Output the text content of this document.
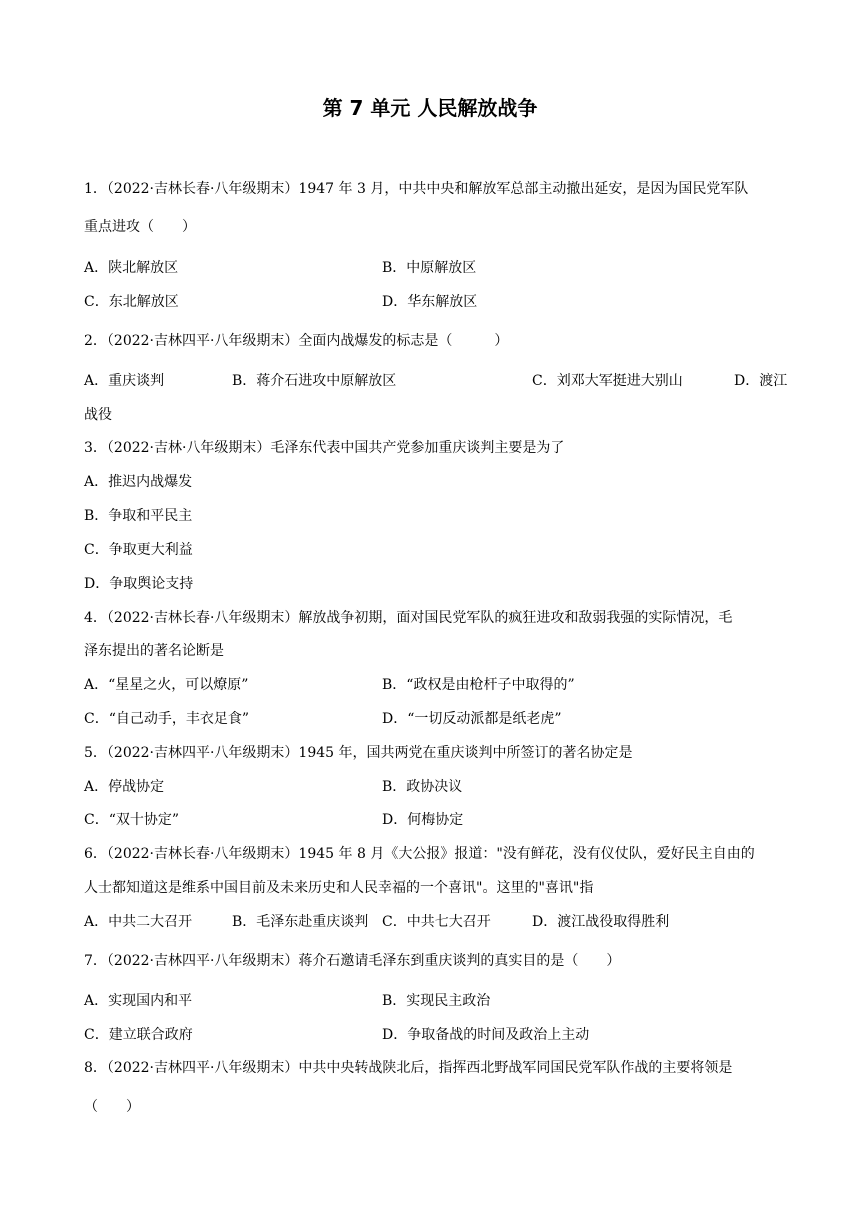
第 7 单元 人民解放战争
1．（2022·吉林长春·八年级期末）1947 年 3 月，中共中央和解放军总部主动撤出延安，是因为国民党军队
重点进攻（　　）
A．陕北解放区	B．中原解放区
C．东北解放区	D．华东解放区
2．（2022·吉林四平·八年级期末）全面内战爆发的标志是（　　　）
A．重庆谈判	B．蒋介石进攻中原解放区	C．刘邓大军挺进大别山	D．渡江
战役
3．（2022·吉林·八年级期末）毛泽东代表中国共产党参加重庆谈判主要是为了
A．推迟内战爆发
B．争取和平民主
C．争取更大利益
D．争取舆论支持
4．（2022·吉林长春·八年级期末）解放战争初期，面对国民党军队的疯狂进攻和敌弱我强的实际情况，毛
泽东提出的著名论断是
A．“星星之火，可以燎原”	B．“政权是由枪杆子中取得的”
C．“自己动手，丰衣足食”	D．“一切反动派都是纸老虎”
5．（2022·吉林四平·八年级期末）1945 年，国共两党在重庆谈判中所签订的著名协定是
A．停战协定	B．政协决议
C．“双十协定”	D．何梅协定
6．（2022·吉林长春·八年级期末）1945 年 8 月《大公报》报道："没有鲜花，没有仪仗队，爱好民主自由的
人士都知道这是维系中国目前及未来历史和人民幸福的一个喜讯"。这里的"喜讯"指
A．中共二大召开	B．毛泽东赴重庆谈判 C．中共七大召开	D．渡江战役取得胜利
7．（2022·吉林四平·八年级期末）蒋介石邀请毛泽东到重庆谈判的真实目的是（　　）
A．实现国内和平	B．实现民主政治
C．建立联合政府	D．争取备战的时间及政治上主动
8．（2022·吉林四平·八年级期末）中共中央转战陕北后，指挥西北野战军同国民党军队作战的主要将领是
（　　）
